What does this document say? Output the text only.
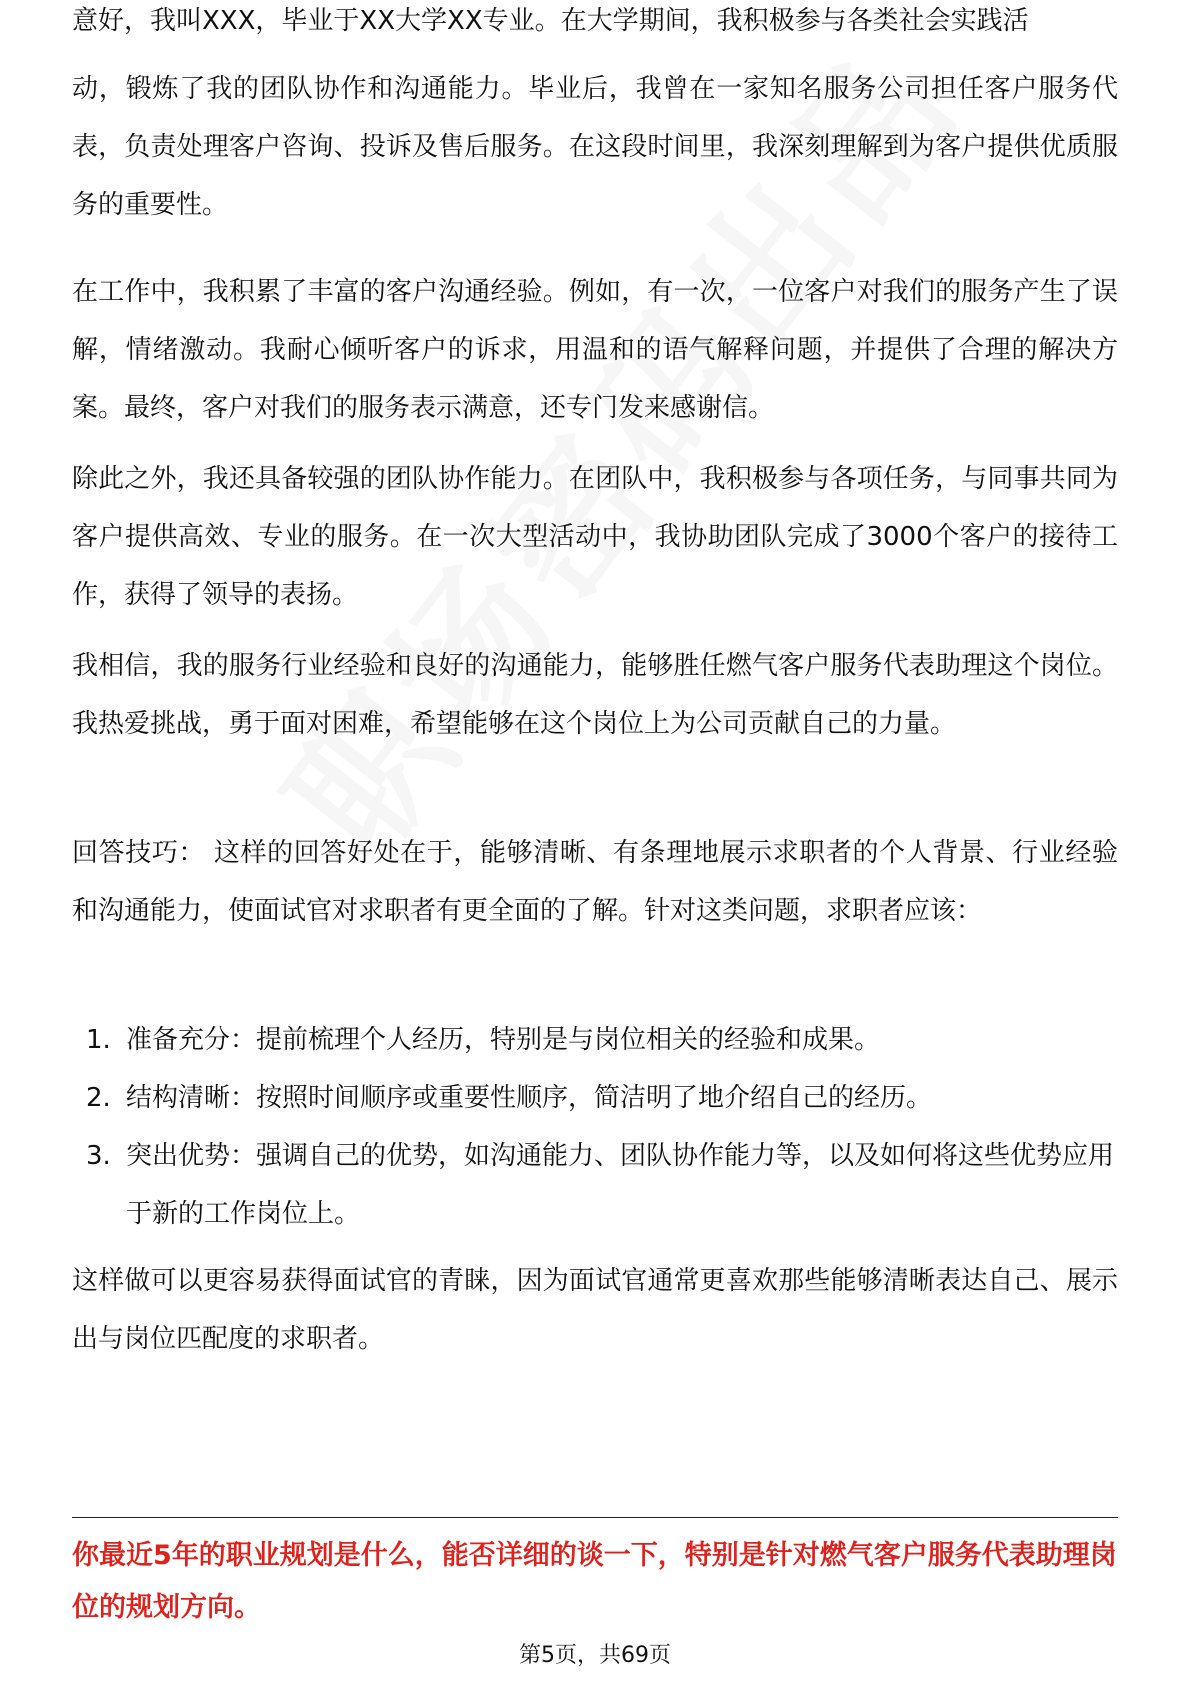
意好，我叫XXX，毕业于XX大学XX专业。在大学期间，我积极参与各类社会实践活

动，锻炼了我的团队协作和沟通能力。毕业后，我曾在一家知名服务公司担任客户服务代表，负责处理客户咨询、投诉及售后服务。在这段时间里，我深刻理解到为客户提供优质服务的重要性。

在工作中，我积累了丰富的客户沟通经验。例如，有一次，一位客户对我们的服务产生了误解，情绪激动。我耐心倾听客户的诉求，用温和的语气解释问题，并提供了合理的解决方案。最终，客户对我们的服务表示满意，还专门发来感谢信。

除此之外，我还具备较强的团队协作能力。在团队中，我积极参与各项任务，与同事共同为客户提供高效、专业的服务。在一次大型活动中，我协助团队完成了3000个客户的接待工作，获得了领导的表扬。

我相信，我的服务行业经验和良好的沟通能力，能够胜任燃气客户服务代表助理这个岗位。我热爱挑战，勇于面对困难，希望能够在这个岗位上为公司贡献自己的力量。

回答技巧： 这样的回答好处在于，能够清晰、有条理地展示求职者的个人背景、行业经验和沟通能力，使面试官对求职者有更全面的了解。针对这类问题，求职者应该：

1. 准备充分：提前梳理个人经历，特别是与岗位相关的经验和成果。
2. 结构清晰：按照时间顺序或重要性顺序，简洁明了地介绍自己的经历。
3. 突出优势：强调自己的优势，如沟通能力、团队协作能力等，以及如何将这些优势应用于新的工作岗位上。

这样做可以更容易获得面试官的青睐，因为面试官通常更喜欢那些能够清晰表达自己、展示出与岗位匹配度的求职者。

你最近5年的职业规划是什么，能否详细的谈一下，特别是针对燃气客户服务代表助理岗位的规划方向。
第5页，共69页
